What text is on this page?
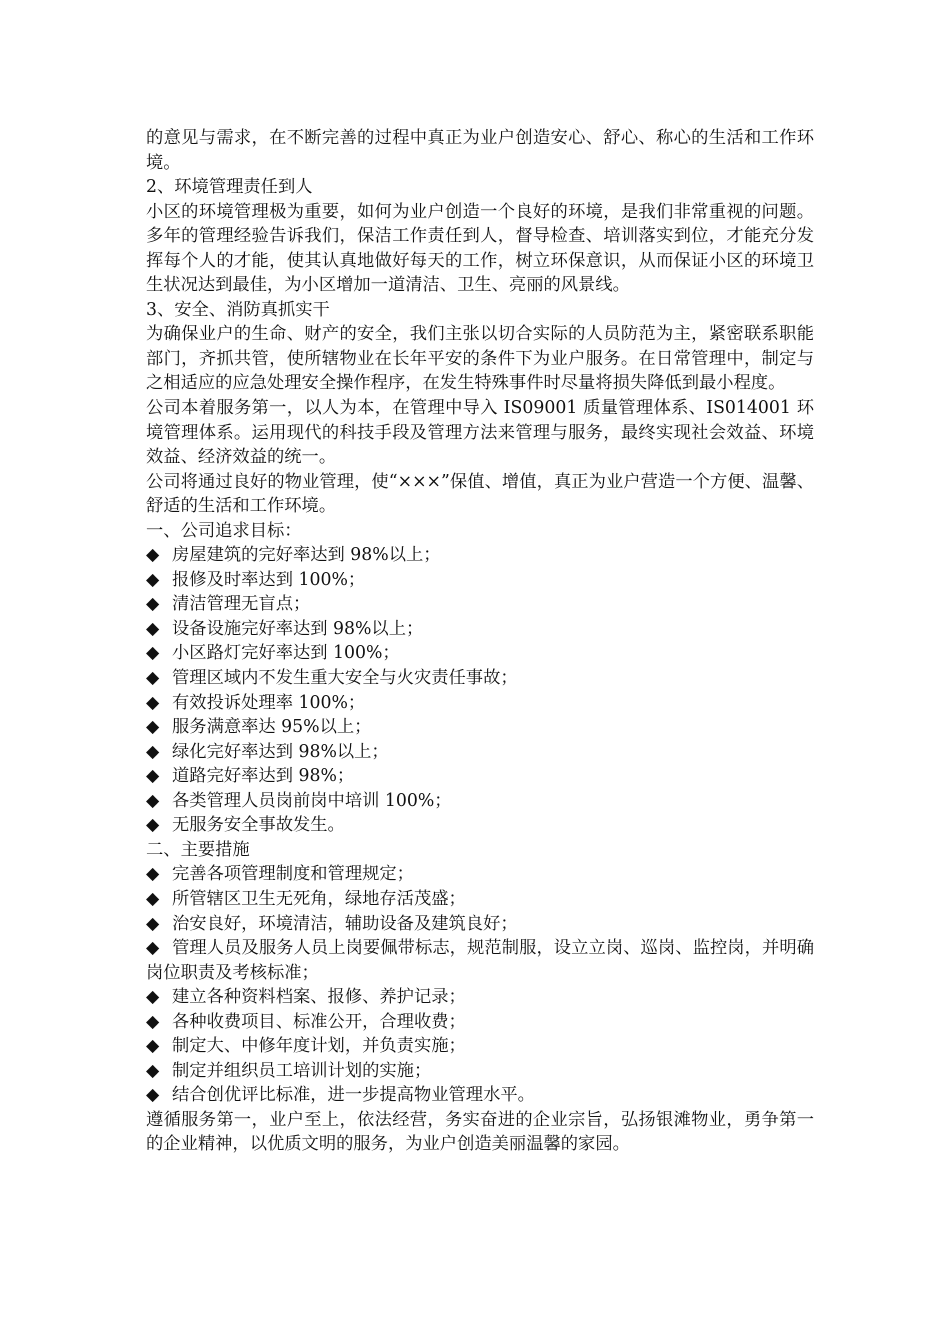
的意见与需求，在不断完善的过程中真正为业户创造安心、舒心、称心的生活和工作环境。

2、环境管理责任到人

小区的环境管理极为重要，如何为业户创造一个良好的环境，是我们非常重视的问题。多年的管理经验告诉我们，保洁工作责任到人，督导检查、培训落实到位，才能充分发挥每个人的才能，使其认真地做好每天的工作，树立环保意识，从而保证小区的环境卫生状况达到最佳，为小区增加一道清洁、卫生、亮丽的风景线。

3、安全、消防真抓实干

为确保业户的生命、财产的安全，我们主张以切合实际的人员防范为主，紧密联系职能部门，齐抓共管，使所辖物业在长年平安的条件下为业户服务。在日常管理中，制定与之相适应的应急处理安全操作程序，在发生特殊事件时尽量将损失降低到最小程度。

公司本着服务第一，以人为本，在管理中导入 IS09001 质量管理体系、IS014001 环境管理体系。运用现代的科技手段及管理方法来管理与服务，最终实现社会效益、环境效益、经济效益的统一。

公司将通过良好的物业管理，使“×××”保值、增值，真正为业户营造一个方便、温馨、舒适的生活和工作环境。

一、公司追求目标：

◆ 房屋建筑的完好率达到 98%以上；
◆ 报修及时率达到 100%；
◆ 清洁管理无盲点；
◆ 设备设施完好率达到 98%以上；
◆ 小区路灯完好率达到 100%；
◆ 管理区域内不发生重大安全与火灾责任事故；
◆ 有效投诉处理率 100%；
◆ 服务满意率达 95%以上；
◆ 绿化完好率达到 98%以上；
◆ 道路完好率达到 98%；
◆ 各类管理人员岗前岗中培训 100%；
◆ 无服务安全事故发生。

二、主要措施

◆ 完善各项管理制度和管理规定；
◆ 所管辖区卫生无死角，绿地存活茂盛；
◆ 治安良好，环境清洁，辅助设备及建筑良好；

◆ 管理人员及服务人员上岗要佩带标志，规范制服，设立立岗、巡岗、监控岗，并明确岗位职责及考核标准；

◆ 建立各种资料档案、报修、养护记录；
◆ 各种收费项目、标准公开，合理收费；
◆ 制定大、中修年度计划，并负责实施；
◆ 制定并组织员工培训计划的实施；
◆ 结合创优评比标准，进一步提高物业管理水平。

遵循服务第一，业户至上，依法经营，务实奋进的企业宗旨，弘扬银滩物业，勇争第一的企业精神，以优质文明的服务，为业户创造美丽温馨的家园。
